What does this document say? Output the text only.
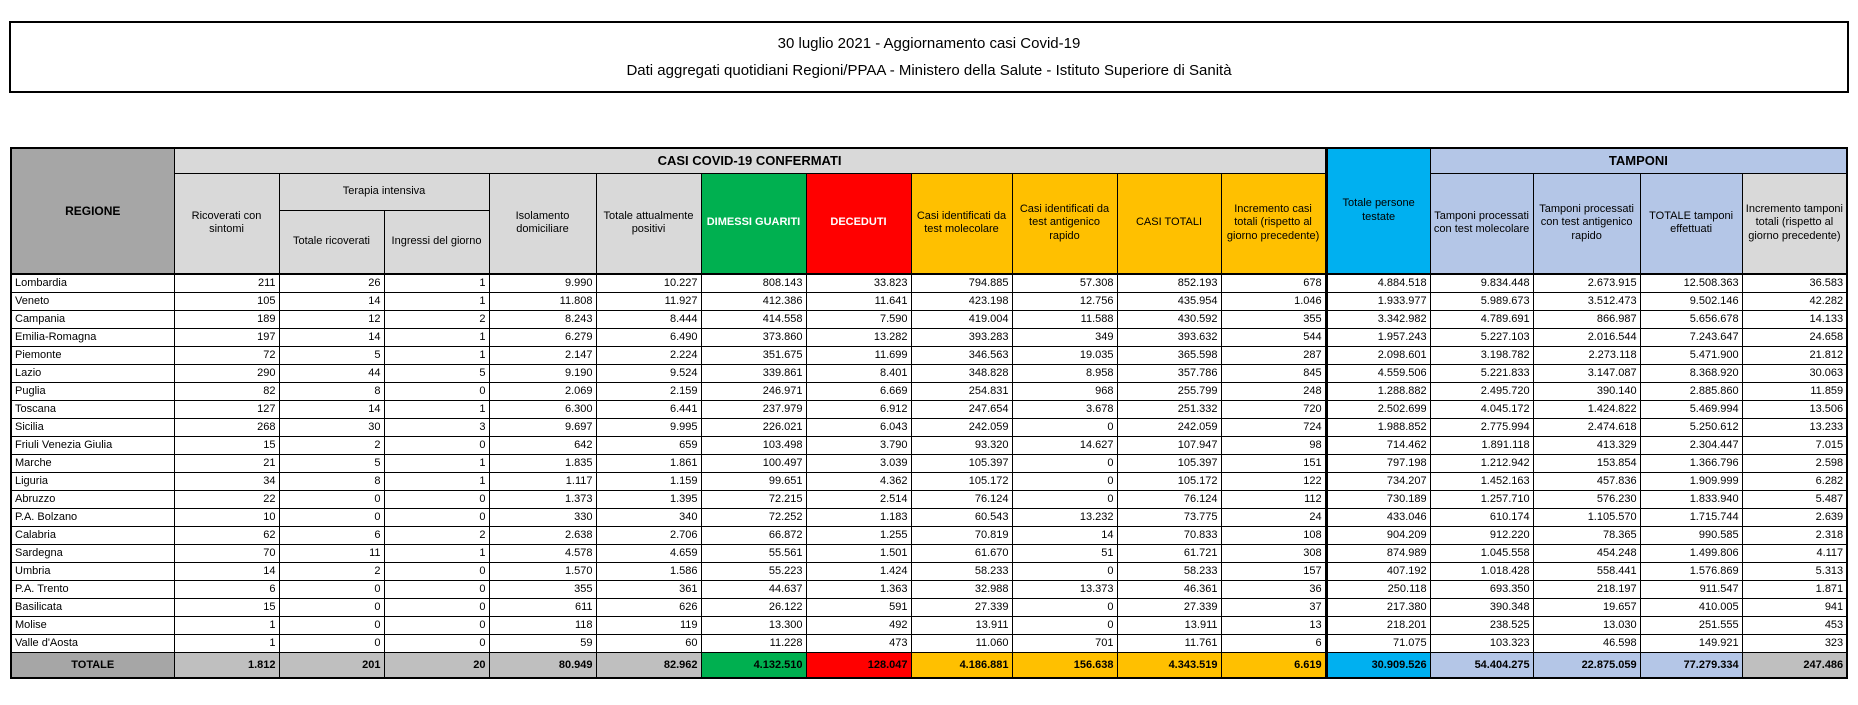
30 luglio 2021 - Aggiornamento casi Covid-19

Dati aggregati quotidiani Regioni/PPAA - Ministero della Salute - Istituto Superiore di Sanità

REGIONE	CASI COVID-19 CONFERMATI											Totale persone testate	TAMPONI			
	Ricoverati con sintomi	Terapia intensiva		Isolamento domiciliare	Totale attualmente positivi	DIMESSI GUARITI	DECEDUTI	Casi identificati da test molecolare	Casi identificati da test antigenico rapido	CASI TOTALI	Incremento casi totali (rispetto al giorno precedente)		Tamponi processati con test molecolare	Tamponi processati con test antigenico rapido	TOTALE tamponi effettuati	Incremento tamponi totali (rispetto al giorno precedente)
		Totale ricoverati	Ingressi del giorno													
Lombardia	211	26	1	9.990	10.227	808.143	33.823	794.885	57.308	852.193	678	4.884.518	9.834.448	2.673.915	12.508.363	36.583
Veneto	105	14	1	11.808	11.927	412.386	11.641	423.198	12.756	435.954	1.046	1.933.977	5.989.673	3.512.473	9.502.146	42.282
Campania	189	12	2	8.243	8.444	414.558	7.590	419.004	11.588	430.592	355	3.342.982	4.789.691	866.987	5.656.678	14.133
Emilia-Romagna	197	14	1	6.279	6.490	373.860	13.282	393.283	349	393.632	544	1.957.243	5.227.103	2.016.544	7.243.647	24.658
Piemonte	72	5	1	2.147	2.224	351.675	11.699	346.563	19.035	365.598	287	2.098.601	3.198.782	2.273.118	5.471.900	21.812
Lazio	290	44	5	9.190	9.524	339.861	8.401	348.828	8.958	357.786	845	4.559.506	5.221.833	3.147.087	8.368.920	30.063
Puglia	82	8	0	2.069	2.159	246.971	6.669	254.831	968	255.799	248	1.288.882	2.495.720	390.140	2.885.860	11.859
Toscana	127	14	1	6.300	6.441	237.979	6.912	247.654	3.678	251.332	720	2.502.699	4.045.172	1.424.822	5.469.994	13.506
Sicilia	268	30	3	9.697	9.995	226.021	6.043	242.059	0	242.059	724	1.988.852	2.775.994	2.474.618	5.250.612	13.233
Friuli Venezia Giulia	15	2	0	642	659	103.498	3.790	93.320	14.627	107.947	98	714.462	1.891.118	413.329	2.304.447	7.015
Marche	21	5	1	1.835	1.861	100.497	3.039	105.397	0	105.397	151	797.198	1.212.942	153.854	1.366.796	2.598
Liguria	34	8	1	1.117	1.159	99.651	4.362	105.172	0	105.172	122	734.207	1.452.163	457.836	1.909.999	6.282
Abruzzo	22	0	0	1.373	1.395	72.215	2.514	76.124	0	76.124	112	730.189	1.257.710	576.230	1.833.940	5.487
P.A. Bolzano	10	0	0	330	340	72.252	1.183	60.543	13.232	73.775	24	433.046	610.174	1.105.570	1.715.744	2.639
Calabria	62	6	2	2.638	2.706	66.872	1.255	70.819	14	70.833	108	904.209	912.220	78.365	990.585	2.318
Sardegna	70	11	1	4.578	4.659	55.561	1.501	61.670	51	61.721	308	874.989	1.045.558	454.248	1.499.806	4.117
Umbria	14	2	0	1.570	1.586	55.223	1.424	58.233	0	58.233	157	407.192	1.018.428	558.441	1.576.869	5.313
P.A. Trento	6	0	0	355	361	44.637	1.363	32.988	13.373	46.361	36	250.118	693.350	218.197	911.547	1.871
Basilicata	15	0	0	611	626	26.122	591	27.339	0	27.339	37	217.380	390.348	19.657	410.005	941
Molise	1	0	0	118	119	13.300	492	13.911	0	13.911	13	218.201	238.525	13.030	251.555	453
Valle d'Aosta	1	0	0	59	60	11.228	473	11.060	701	11.761	6	71.075	103.323	46.598	149.921	323
TOTALE	1.812	201	20	80.949	82.962	4.132.510	128.047	4.186.881	156.638	4.343.519	6.619	30.909.526	54.404.275	22.875.059	77.279.334	247.486
